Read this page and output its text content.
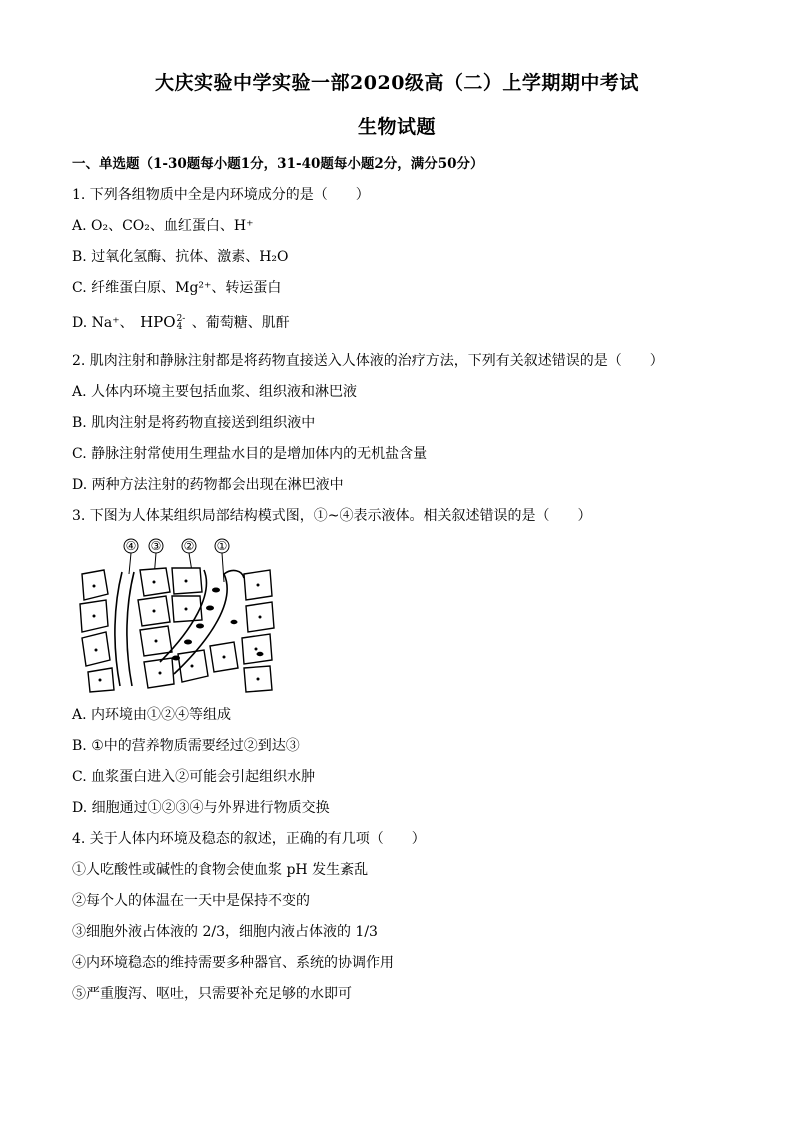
大庆实验中学实验一部2020级高（二）上学期期中考试
生物试题
一、单选题（1-30题每小题1分，31-40题每小题2分，满分50分）
1. 下列各组物质中全是内环境成分的是（　　）
A. O₂、CO₂、血红蛋白、H⁺
B. 过氧化氢酶、抗体、激素、H₂O
C. 纤维蛋白原、Mg²⁺、转运蛋白
D. Na⁺、 HPO2-
4 、葡萄糖、肌酐
2. 肌肉注射和静脉注射都是将药物直接送入人体液的治疗方法，下列有关叙述错误的是（　　）
A. 人体内环境主要包括血浆、组织液和淋巴液
B. 肌肉注射是将药物直接送到组织液中
C. 静脉注射常使用生理盐水目的是增加体内的无机盐含量
D. 两种方法注射的药物都会出现在淋巴液中
3. 下图为人体某组织局部结构模式图，①~④表示液体。相关叙述错误的是（　　）
④ ③ ② ①
A. 内环境由①②④等组成
B. ①中的营养物质需要经过②到达③
C. 血浆蛋白进入②可能会引起组织水肿
D. 细胞通过①②③④与外界进行物质交换
4. 关于人体内环境及稳态的叙述，正确的有几项（　　）
①人吃酸性或碱性的食物会使血浆 pH 发生紊乱
②每个人的体温在一天中是保持不变的
③细胞外液占体液的 2/3，细胞内液占体液的 1/3
④内环境稳态的维持需要多种器官、系统的协调作用
⑤严重腹泻、呕吐，只需要补充足够的水即可
